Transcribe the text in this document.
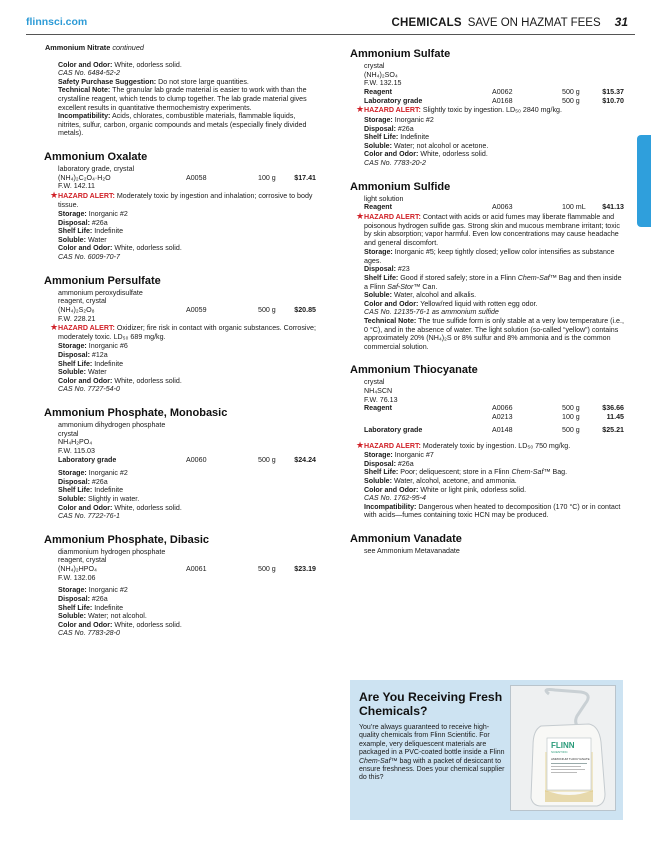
flinnsci.com	CHEMICALS SAVE ON HAZMAT FEES 31
Ammonium Nitrate continued

Color and Odor: White, odorless solid.

CAS No. 6484-52-2

Safety Purchase Suggestion: Do not store large quantities.

Technical Note: The granular lab grade material is easier to work with than the crystalline reagent, which tends to clump together. The lab grade material gives excellent results in quantitative thermochemistry experiments.

Incompatibility: Acids, chlorates, combustible materials, flammable liquids, nitrites, sulfur, carbon, organic compounds and metals (especially finely divided metals).

Ammonium Oxalate
laboratory grade, crystal
(NH₄)₂C₂O₄·H₂O	A0058	100 g	$17.41
F.W. 142.11
★ HAZARD ALERT: Moderately toxic by ingestion and inhalation; corrosive to body tissue.

Storage: Inorganic #2

Disposal: #26a

Shelf Life: Indefinite

Soluble: Water

Color and Odor: White, odorless solid.

CAS No. 6009-70-7

Ammonium Persulfate
ammonium peroxydisulfate
reagent, crystal
(NH₄)₂S₂O₈	A0059	500 g	$20.85
F.W. 228.21
★ HAZARD ALERT: Oxidizer; fire risk in contact with organic substances. Corrosive; moderately toxic. LD₅₀ 689 mg/kg.

Storage: Inorganic #6

Disposal: #12a

Shelf Life: Indefinite

Soluble: Water

Color and Odor: White, odorless solid.

CAS No. 7727-54-0

Ammonium Phosphate, Monobasic
ammonium dihydrogen phosphate
crystal
NH₄H₂PO₄
F.W. 115.03
Laboratory grade	A0060	500 g	$24.24

Storage: Inorganic #2

Disposal: #26a

Shelf Life: Indefinite

Soluble: Slightly in water.

Color and Odor: White, odorless solid.

CAS No. 7722-76-1

Ammonium Phosphate, Dibasic
diammonium hydrogen phosphate
reagent, crystal
(NH₄)₂HPO₄	A0061	500 g	$23.19
F.W. 132.06

Storage: Inorganic #2

Disposal: #26a

Shelf Life: Indefinite

Soluble: Water; not alcohol.

Color and Odor: White, odorless solid.

CAS No. 7783-28-0

Ammonium Sulfate
crystal
(NH₄)₂SO₄
F.W. 132.15
Reagent	A0062	500 g	$15.37
Laboratory grade	A0168	500 g	$10.70
★ HAZARD ALERT: Slightly toxic by ingestion. LD₅₀ 2840 mg/kg.

Storage: Inorganic #2

Disposal: #26a

Shelf Life: Indefinite

Soluble: Water; not alcohol or acetone.

Color and Odor: White, odorless solid.

CAS No. 7783-20-2

Ammonium Sulfide
light solution
Reagent	A0063	100 mL $41.13
★ HAZARD ALERT: Contact with acids or acid fumes may liberate flammable and poisonous hydrogen sulfide gas. Strong skin and mucous membrane irritant; toxic by skin absorption; vapor harmful. Even low concentrations may cause headache and general discomfort.

Storage: Inorganic #5; keep tightly closed; yellow color intensifies as substance ages.

Disposal: #23

Shelf Life: Good if stored safely; store in a Flinn Chem-Saf™ Bag and then inside a Flinn Saf-Stor™ Can.

Soluble: Water, alcohol and alkalis.

Color and Odor: Yellow/red liquid with rotten egg odor.

CAS No. 12135-76-1 as ammonium sulfide

Technical Note: The true sulfide form is only stable at a very low temperature (i.e., 0 °C), and in the absence of water. The light solution (so-called “yellow”) contains approximately 20% (NH₄)₂S or 8% sulfur and 8% ammonia and is the common commercial solution.

Ammonium Thiocyanate
crystal
NH₄SCN
F.W. 76.13
Reagent	A0066	500 g	$36.66
A0213	100 g	11.45
Laboratory grade	A0148	500 g	$25.21
★ HAZARD ALERT: Moderately toxic by ingestion. LD₅₀ 750 mg/kg.

Storage: Inorganic #7

Disposal: #26a

Shelf Life: Poor; deliquescent; store in a Flinn Chem-Saf™ Bag.

Soluble: Water, alcohol, acetone, and ammonia.

Color and Odor: White or light pink, odorless solid.

CAS No. 1762-95-4

Incompatibility: Dangerous when heated to decomposition (170 °C) or in contact with acids—fumes containing toxic HCN may be produced.

Ammonium Vanadate
see Ammonium Metavanadate
Are You Receiving Fresh Chemicals?
You’re always guaranteed to receive high-quality chemicals from Flinn Scientific. For example, very deliquescent materials are packaged in a PVC-coated bottle inside a Flinn Chem-Saf™ bag with a packet of desiccant to ensure freshness. Does your chemical supplier do this?
FLINN
SCIENTIFIC
AMMONIUM THIOCYANATE
